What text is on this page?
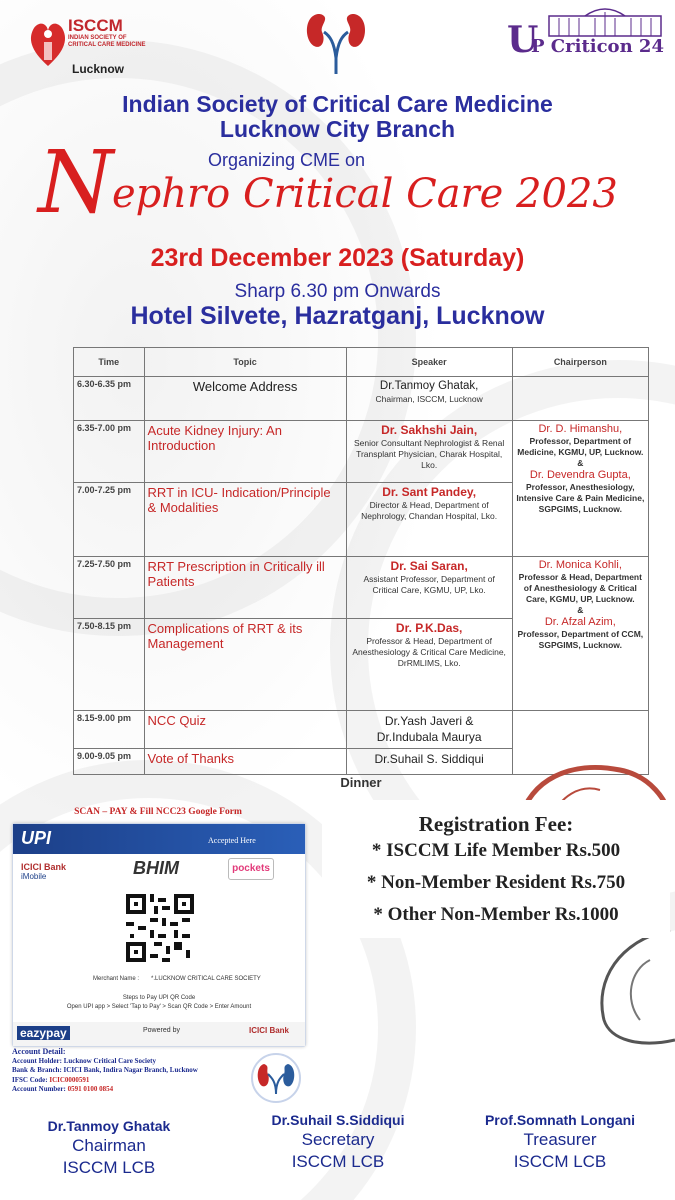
ISCCM
INDIAN SOCIETY OF CRITICAL CARE MEDICINE
Lucknow
U
P Criticon 24
Indian Society of Critical Care Medicine
Lucknow City Branch
Organizing CME on
N
ephro Critical Care 2023
23rd December 2023 (Saturday)
Sharp 6.30 pm Onwards
Hotel Silvete, Hazratganj, Lucknow
Time	Topic	Speaker	Chairperson
6.30-6.35 pm	Welcome Address	Dr.Tanmoy Ghatak,
Chairman, ISCCM, Lucknow	
6.35-7.00 pm	Acute Kidney Injury: An Introduction	Dr. Sakhshi Jain,
Senior Consultant Nephrologist & Renal Transplant Physician, Charak Hospital, Lko.	Dr. D. Himanshu,
Professor, Department of Medicine, KGMU, UP, Lucknow.
&
Dr. Devendra Gupta,
Professor, Anesthesiology, Intensive Care & Pain Medicine, SGPGIMS, Lucknow.
7.00-7.25 pm	RRT in ICU- Indication/Principle & Modalities	Dr. Sant Pandey,
Director & Head, Department of Nephrology, Chandan Hospital, Lko.	
7.25-7.50 pm	RRT Prescription in Critically ill Patients	Dr. Sai Saran,
Assistant Professor, Department of Critical Care, KGMU, UP, Lko.	Dr. Monica Kohli,
Professor & Head, Department of Anesthesiology & Critical Care, KGMU, UP, Lucknow.
&
Dr. Afzal Azim,
Professor, Department of CCM, SGPGIMS, Lucknow.
7.50-8.15 pm	Complications of RRT & its Management	Dr. P.K.Das,
Professor & Head, Department of Anesthesiology & Critical Care Medicine, DrRMLIMS, Lko.	
8.15-9.00 pm	NCC Quiz	Dr.Yash Javeri &
Dr.Indubala Maurya	

9.00-9.05 pm	Vote of Thanks	Dr.Suhail S. Siddiqui	
Dinner
SCAN – PAY & Fill NCC23 Google Form
UPI	Accepted Here
ICICI Bank
iMobile	BHIM	pockets
Merchant Name : *.LUCKNOW CRITICAL CARE SOCIETY
Steps to Pay UPI QR Code
Open UPI app > Select 'Tap to Pay' > Scan QR Code > Enter Amount
eazypay	Powered by	ICICI Bank
Account Detail:
Account Holder: Lucknow Critical Care Society
Bank & Branch: ICICI Bank, Indira Nagar Branch, Lucknow
IFSC Code: ICIC0000591
Account Number: 0591 0100 0854
Registration Fee:
* ISCCM Life Member Rs.500
* Non-Member Resident Rs.750
* Other Non-Member Rs.1000
Dr.Tanmoy Ghatak
Chairman
ISCCM LCB
Dr.Suhail S.Siddiqui
Secretary
ISCCM LCB
Prof.Somnath Longani
Treasurer
ISCCM LCB
